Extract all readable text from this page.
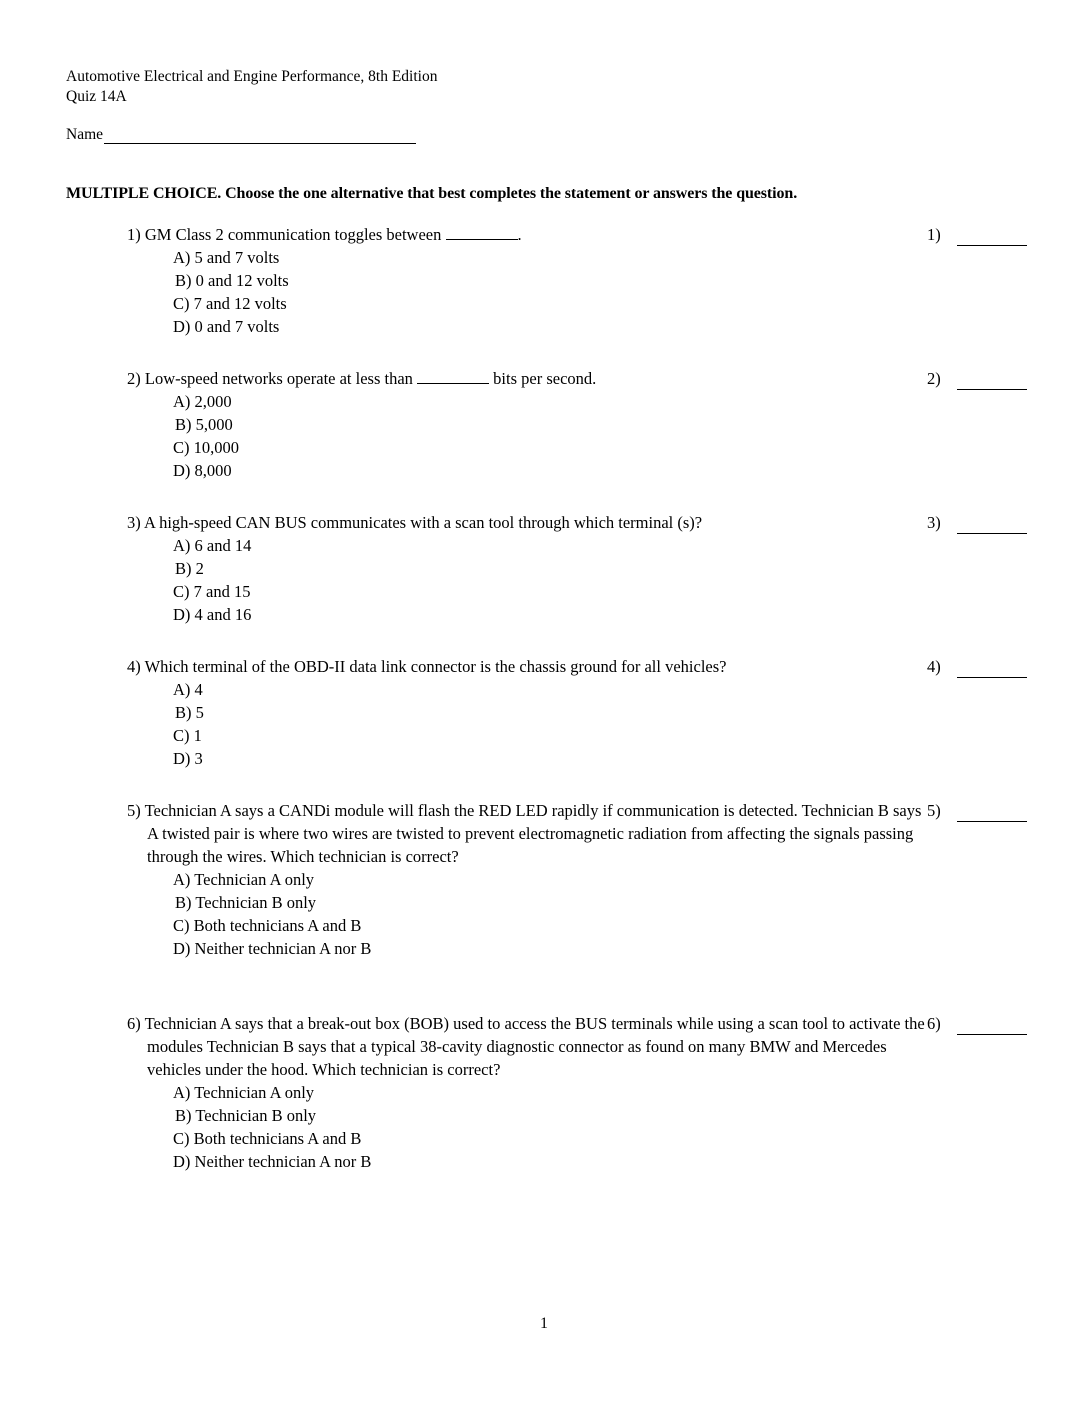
Automotive Electrical and Engine Performance, 8th Edition
Quiz 14A
Name
MULTIPLE CHOICE. Choose the one alternative that best completes the statement or answers the question.
1) GM Class 2 communication toggles between	.
A) 5 and 7 volts
B) 0 and 12 volts
C) 7 and 12 volts
D) 0 and 7 volts
1)
2) Low-speed networks operate at less than	bits per second.
A) 2,000
B) 5,000
C) 10,000
D) 8,000
2)
3) A high-speed CAN BUS communicates with a scan tool through which terminal (s)?
A) 6 and 14
B) 2
C) 7 and 15
D) 4 and 16
3)
4) Which terminal of the OBD-II data link connector is the chassis ground for all vehicles?
A) 4
B) 5
C) 1
D) 3
4)
5) Technician A says a CANDi module will flash the RED LED rapidly if communication is detected. Technician B says A twisted pair is where two wires are twisted to prevent electromagnetic radiation from affecting the signals passing through the wires. Which technician is correct?
A) Technician A only
B) Technician B only
C) Both technicians A and B
D) Neither technician A nor B
5)
6) Technician A says that a break-out box (BOB) used to access the BUS terminals while using a scan tool to activate the modules Technician B says that a typical 38-cavity diagnostic connector as found on many BMW and Mercedes vehicles under the hood. Which technician is correct?
A) Technician A only
B) Technician B only
C) Both technicians A and B
D) Neither technician A nor B
6)
1
